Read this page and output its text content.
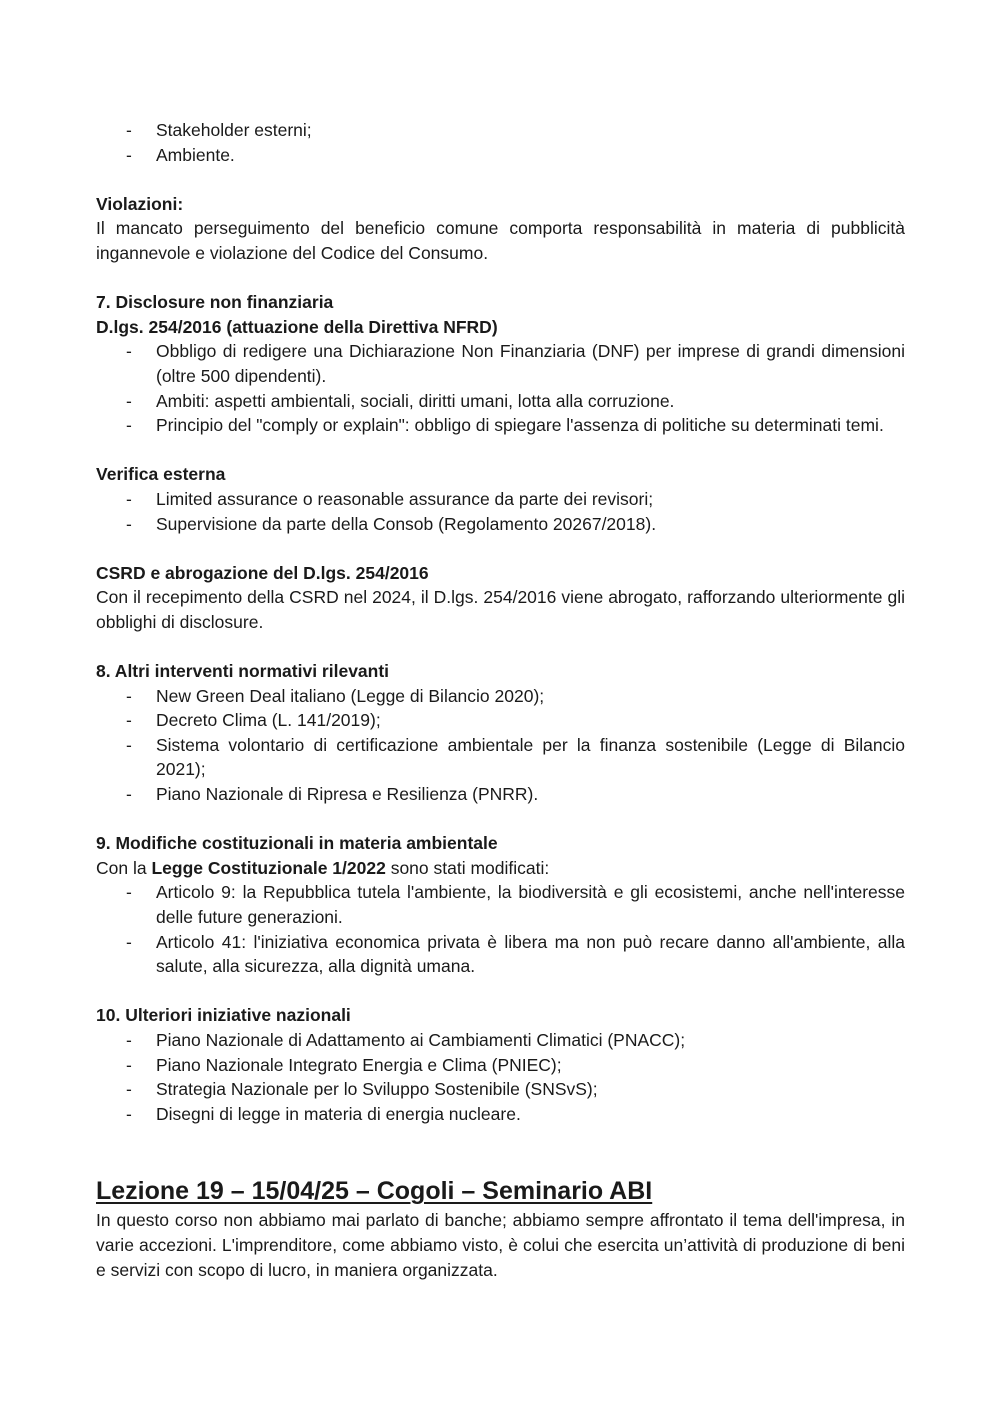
- Stakeholder esterni;
- Ambiente.

Violazioni:

Il mancato perseguimento del beneficio comune comporta responsabilità in materia di pubblicità ingannevole e violazione del Codice del Consumo.

7. Disclosure non finanziaria

D.lgs. 254/2016 (attuazione della Direttiva NFRD)

- Obbligo di redigere una Dichiarazione Non Finanziaria (DNF) per imprese di grandi dimensioni (oltre 500 dipendenti).
- Ambiti: aspetti ambientali, sociali, diritti umani, lotta alla corruzione.
- Principio del "comply or explain": obbligo di spiegare l'assenza di politiche su determinati temi.

Verifica esterna

- Limited assurance o reasonable assurance da parte dei revisori;
- Supervisione da parte della Consob (Regolamento 20267/2018).

CSRD e abrogazione del D.lgs. 254/2016

Con il recepimento della CSRD nel 2024, il D.lgs. 254/2016 viene abrogato, rafforzando ulteriormente gli obblighi di disclosure.

8. Altri interventi normativi rilevanti

- New Green Deal italiano (Legge di Bilancio 2020);
- Decreto Clima (L. 141/2019);
- Sistema volontario di certificazione ambientale per la finanza sostenibile (Legge di Bilancio 2021);
- Piano Nazionale di Ripresa e Resilienza (PNRR).

9. Modifiche costituzionali in materia ambientale

Con la Legge Costituzionale 1/2022 sono stati modificati:

- Articolo 9: la Repubblica tutela l'ambiente, la biodiversità e gli ecosistemi, anche nell'interesse delle future generazioni.
- Articolo 41: l'iniziativa economica privata è libera ma non può recare danno all'ambiente, alla salute, alla sicurezza, alla dignità umana.

10. Ulteriori iniziative nazionali

- Piano Nazionale di Adattamento ai Cambiamenti Climatici (PNACC);
- Piano Nazionale Integrato Energia e Clima (PNIEC);
- Strategia Nazionale per lo Sviluppo Sostenibile (SNSvS);
- Disegni di legge in materia di energia nucleare.

Lezione 19 – 15/04/25 – Cogoli – Seminario ABI

In questo corso non abbiamo mai parlato di banche; abbiamo sempre affrontato il tema dell'impresa, in varie accezioni. L'imprenditore, come abbiamo visto, è colui che esercita un’attività di produzione di beni e servizi con scopo di lucro, in maniera organizzata.
